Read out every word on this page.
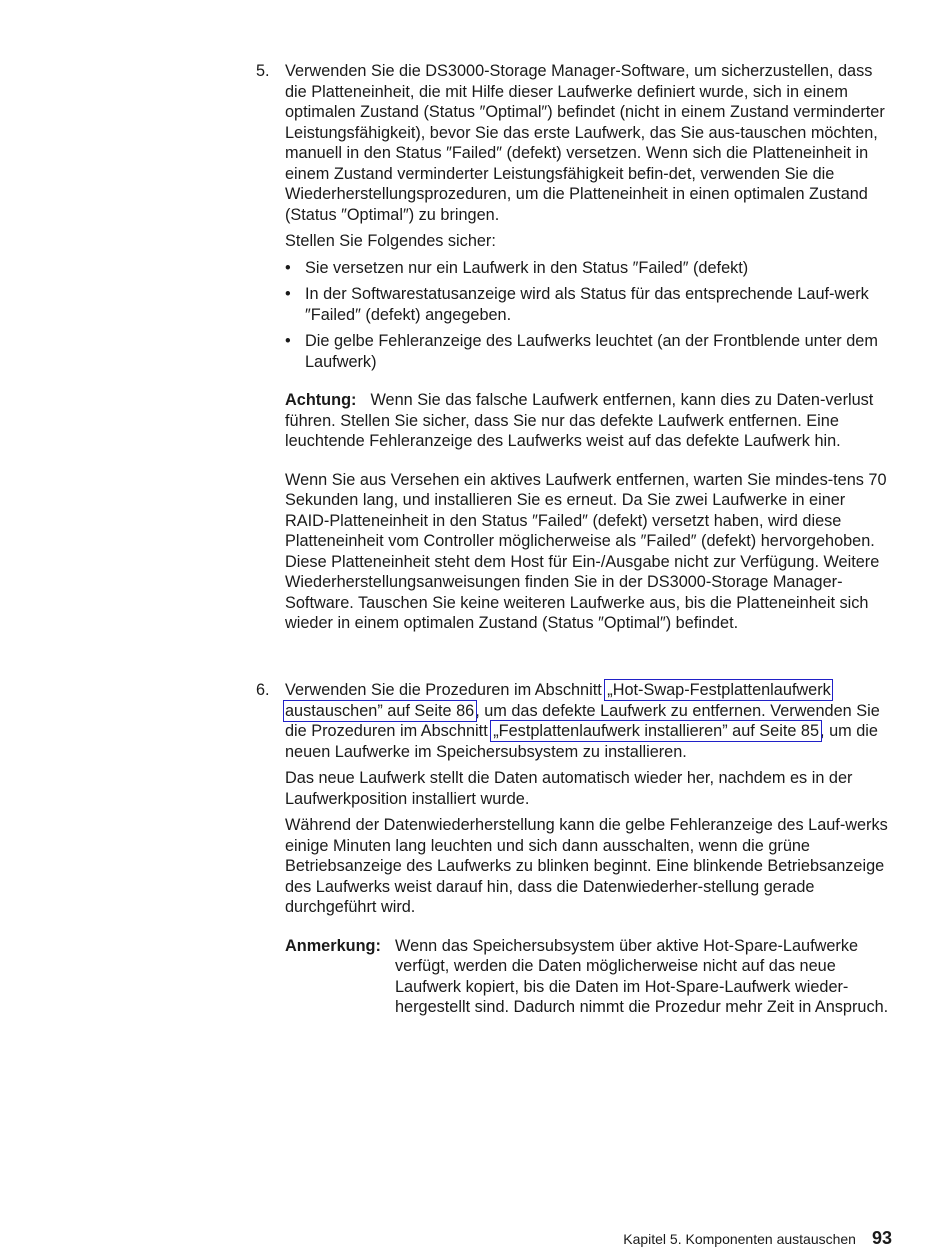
5. Verwenden Sie die DS3000-Storage Manager-Software, um sicherzustellen, dass die Platteneinheit, die mit Hilfe dieser Laufwerke definiert wurde, sich in einem optimalen Zustand (Status ″Optimal″) befindet (nicht in einem Zustand verminderter Leistungsfähigkeit), bevor Sie das erste Laufwerk, das Sie aus-tauschen möchten, manuell in den Status ″Failed″ (defekt) versetzen. Wenn sich die Platteneinheit in einem Zustand verminderter Leistungsfähigkeit befin-det, verwenden Sie die Wiederherstellungsprozeduren, um die Platteneinheit in einen optimalen Zustand (Status ″Optimal″) zu bringen.

Stellen Sie Folgendes sicher:

• Sie versetzen nur ein Laufwerk in den Status ″Failed″ (defekt)
• In der Softwarestatusanzeige wird als Status für das entsprechende Lauf-werk ″Failed″ (defekt) angegeben.
• Die gelbe Fehleranzeige des Laufwerks leuchtet (an der Frontblende unter dem Laufwerk)

Achtung: Wenn Sie das falsche Laufwerk entfernen, kann dies zu Daten-verlust führen. Stellen Sie sicher, dass Sie nur das defekte Laufwerk entfernen. Eine leuchtende Fehleranzeige des Laufwerks weist auf das defekte Laufwerk hin.

Wenn Sie aus Versehen ein aktives Laufwerk entfernen, warten Sie mindes-tens 70 Sekunden lang, und installieren Sie es erneut. Da Sie zwei Laufwerke in einer RAID-Platteneinheit in den Status ″Failed″ (defekt) versetzt haben, wird diese Platteneinheit vom Controller möglicherweise als ″Failed″ (defekt) hervorgehoben. Diese Platteneinheit steht dem Host für Ein-/Ausgabe nicht zur Verfügung. Weitere Wiederherstellungsanweisungen finden Sie in der DS3000-Storage Manager-Software. Tauschen Sie keine weiteren Laufwerke aus, bis die Platteneinheit sich wieder in einem optimalen Zustand (Status ″Optimal″) befindet.

6. Verwenden Sie die Prozeduren im Abschnitt „Hot-Swap-Festplattenlaufwerk austauschen” auf Seite 86, um das defekte Laufwerk zu entfernen. Verwenden Sie die Prozeduren im Abschnitt „Festplattenlaufwerk installieren” auf Seite 85, um die neuen Laufwerke im Speichersubsystem zu installieren.

Das neue Laufwerk stellt die Daten automatisch wieder her, nachdem es in der Laufwerkposition installiert wurde.

Während der Datenwiederherstellung kann die gelbe Fehleranzeige des Lauf-werks einige Minuten lang leuchten und sich dann ausschalten, wenn die grüne Betriebsanzeige des Laufwerks zu blinken beginnt. Eine blinkende Betriebsanzeige des Laufwerks weist darauf hin, dass die Datenwiederher-stellung gerade durchgeführt wird.

Anmerkung: Wenn das Speichersubsystem über aktive Hot-Spare-Laufwerke verfügt, werden die Daten möglicherweise nicht auf das neue Laufwerk kopiert, bis die Daten im Hot-Spare-Laufwerk wieder-hergestellt sind. Dadurch nimmt die Prozedur mehr Zeit in Anspruch.
Kapitel 5. Komponenten austauschen 93
